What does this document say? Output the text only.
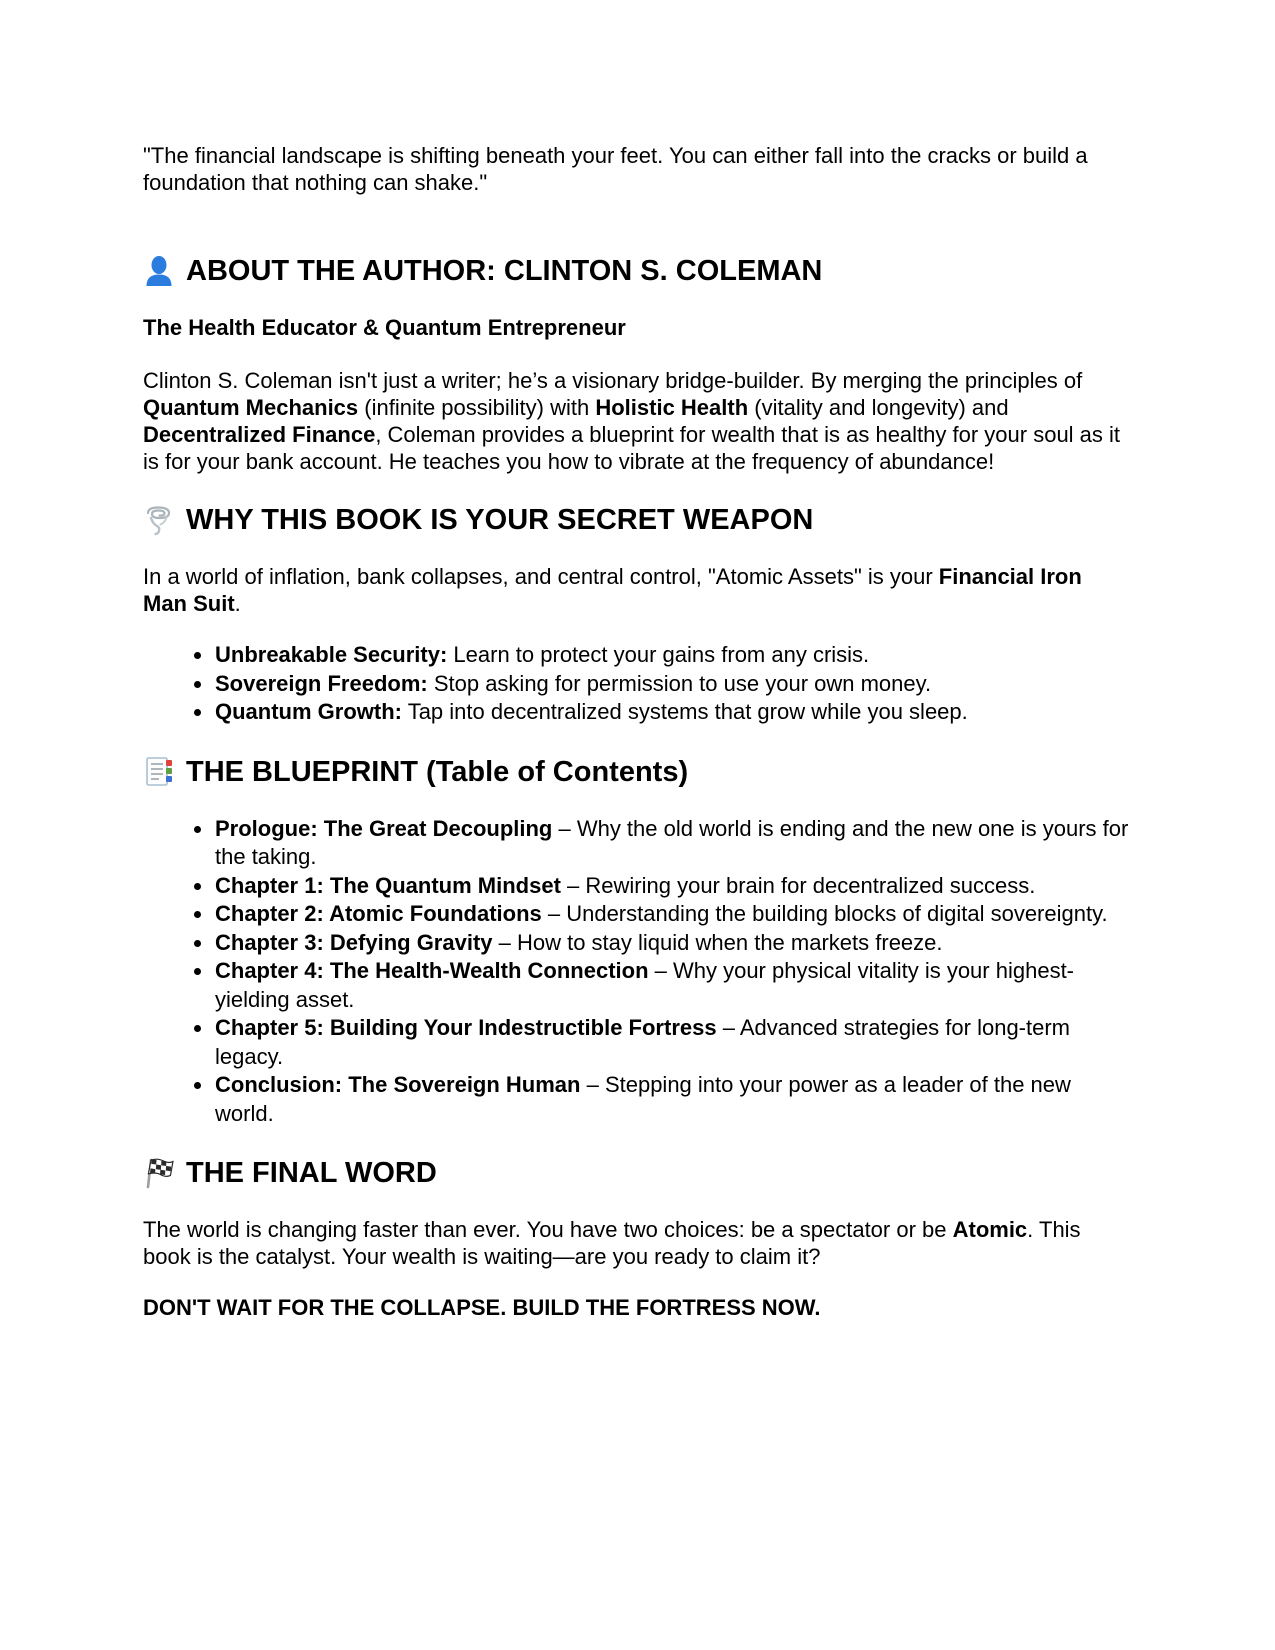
"The financial landscape is shifting beneath your feet. You can either fall into the cracks or build a foundation that nothing can shake."

ABOUT THE AUTHOR: CLINTON S. COLEMAN

The Health Educator & Quantum Entrepreneur

Clinton S. Coleman isn't just a writer; he’s a visionary bridge-builder. By merging the principles of Quantum Mechanics (infinite possibility) with Holistic Health (vitality and longevity) and Decentralized Finance, Coleman provides a blueprint for wealth that is as healthy for your soul as it is for your bank account. He teaches you how to vibrate at the frequency of abundance!

WHY THIS BOOK IS YOUR SECRET WEAPON

In a world of inflation, bank collapses, and central control, "Atomic Assets" is your Financial Iron Man Suit.

• Unbreakable Security: Learn to protect your gains from any crisis.
• Sovereign Freedom: Stop asking for permission to use your own money.
• Quantum Growth: Tap into decentralized systems that grow while you sleep.
THE BLUEPRINT (Table of Contents)
• Prologue: The Great Decoupling – Why the old world is ending and the new one is yours for the taking.
• Chapter 1: The Quantum Mindset – Rewiring your brain for decentralized success.
• Chapter 2: Atomic Foundations – Understanding the building blocks of digital sovereignty.
• Chapter 3: Defying Gravity – How to stay liquid when the markets freeze.
• Chapter 4: The Health-Wealth Connection – Why your physical vitality is your highest-yielding asset.
• Chapter 5: Building Your Indestructible Fortress – Advanced strategies for long-term legacy.
• Conclusion: The Sovereign Human – Stepping into your power as a leader of the new world.
THE FINAL WORD

The world is changing faster than ever. You have two choices: be a spectator or be Atomic. This book is the catalyst. Your wealth is waiting—are you ready to claim it?

DON'T WAIT FOR THE COLLAPSE. BUILD THE FORTRESS NOW.
